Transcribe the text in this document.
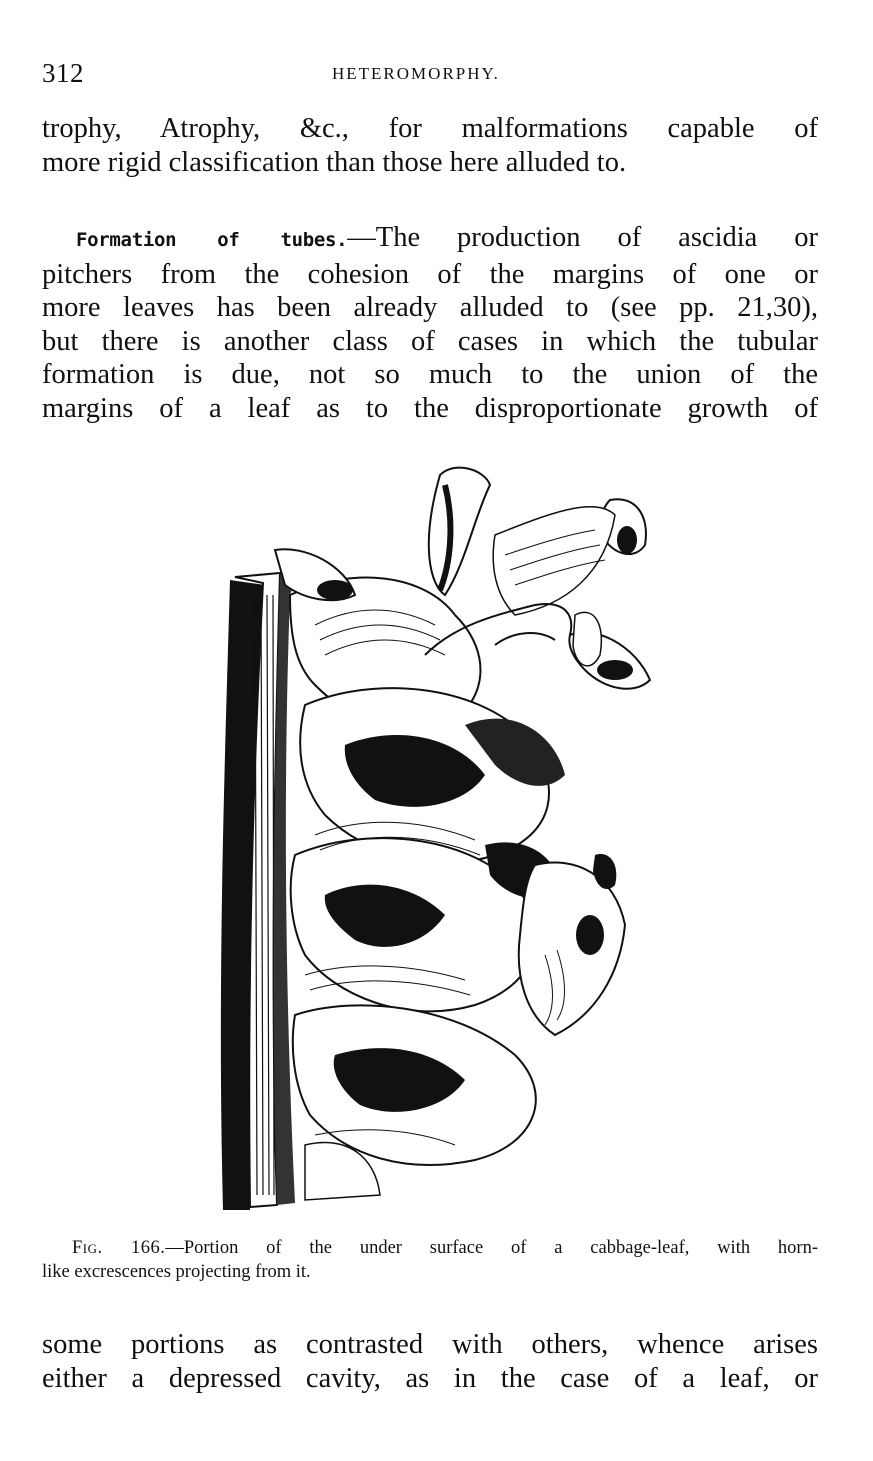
312	HETEROMORPHY.

trophy, Atrophy, &c., for malformations capable of
more rigid classification than those here alluded to.

Formation of tubes.—The production of ascidia or
pitchers from the cohesion of the margins of one or
more leaves has been already alluded to (see pp. 21,30),
but there is another class of cases in which the tubular
formation is due, not so much to the union of the
margins of a leaf as to the disproportionate growth of

Fig. 166.—Portion of the under surface of a cabbage-leaf, with horn-
like excrescences projecting from it.

some portions as contrasted with others, whence arises
either a depressed cavity, as in the case of a leaf, or
